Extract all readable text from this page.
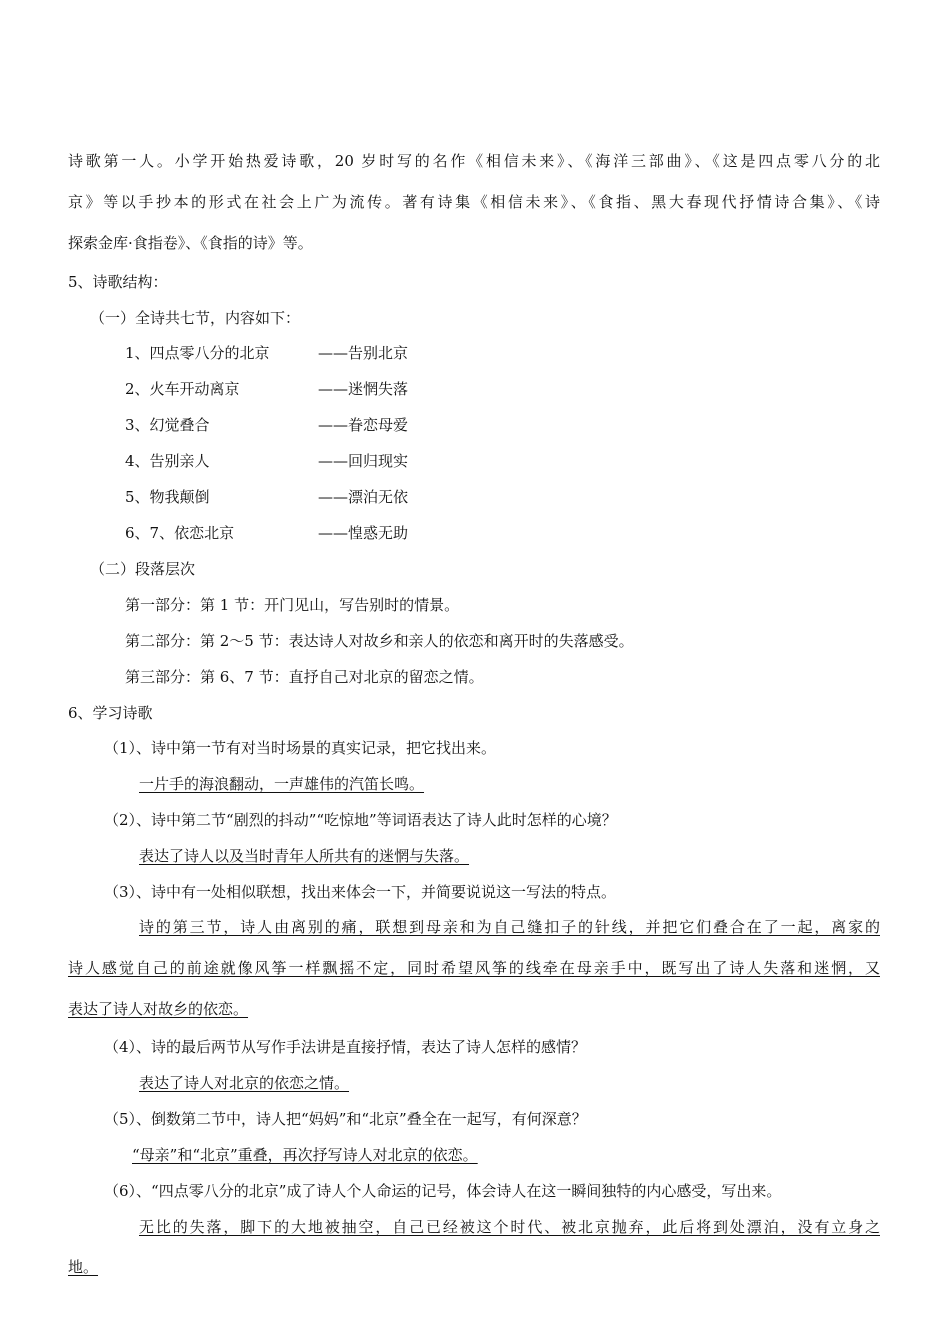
诗歌第一人。小学开始热爱诗歌，20 岁时写的名作《相信未来》、《海洋三部曲》、《这是四点零八分的北
京》等以手抄本的形式在社会上广为流传。著有诗集《相信未来》、《食指、黑大春现代抒情诗合集》、《诗
探索金库·食指卷》、《食指的诗》等。
5、诗歌结构：
（一）全诗共七节，内容如下：
1、四点零八分的北京	——告别北京
2、火车开动离京	——迷惘失落
3、幻觉叠合	——眷恋母爱
4、告别亲人	——回归现实
5、物我颠倒	——漂泊无依
6、7、依恋北京	——惶惑无助
（二）段落层次
第一部分：第 1 节：开门见山，写告别时的情景。
第二部分：第 2～5 节：表达诗人对故乡和亲人的依恋和离开时的失落感受。
第三部分：第 6、7 节：直抒自己对北京的留恋之情。
6、学习诗歌
（1）、诗中第一节有对当时场景的真实记录，把它找出来。
一片手的海浪翻动，一声雄伟的汽笛长鸣。
（2）、诗中第二节“剧烈的抖动”“吃惊地”等词语表达了诗人此时怎样的心境？
表达了诗人以及当时青年人所共有的迷惘与失落。
（3）、诗中有一处相似联想，找出来体会一下，并简要说说这一写法的特点。
诗的第三节，诗人由离别的痛，联想到母亲和为自己缝扣子的针线，并把它们叠合在了一起，离家的
诗人感觉自己的前途就像风筝一样飘摇不定，同时希望风筝的线牵在母亲手中，既写出了诗人失落和迷惘，又
表达了诗人对故乡的依恋。
（4）、诗的最后两节从写作手法讲是直接抒情，表达了诗人怎样的感情？
表达了诗人对北京的依恋之情。
（5）、倒数第二节中，诗人把“妈妈”和“北京”叠全在一起写，有何深意？
“母亲”和“北京”重叠，再次抒写诗人对北京的依恋。
（6）、“四点零八分的北京”成了诗人个人命运的记号，体会诗人在这一瞬间独特的内心感受，写出来。
无比的失落，脚下的大地被抽空，自己已经被这个时代、被北京抛弃，此后将到处漂泊，没有立身之
地。
